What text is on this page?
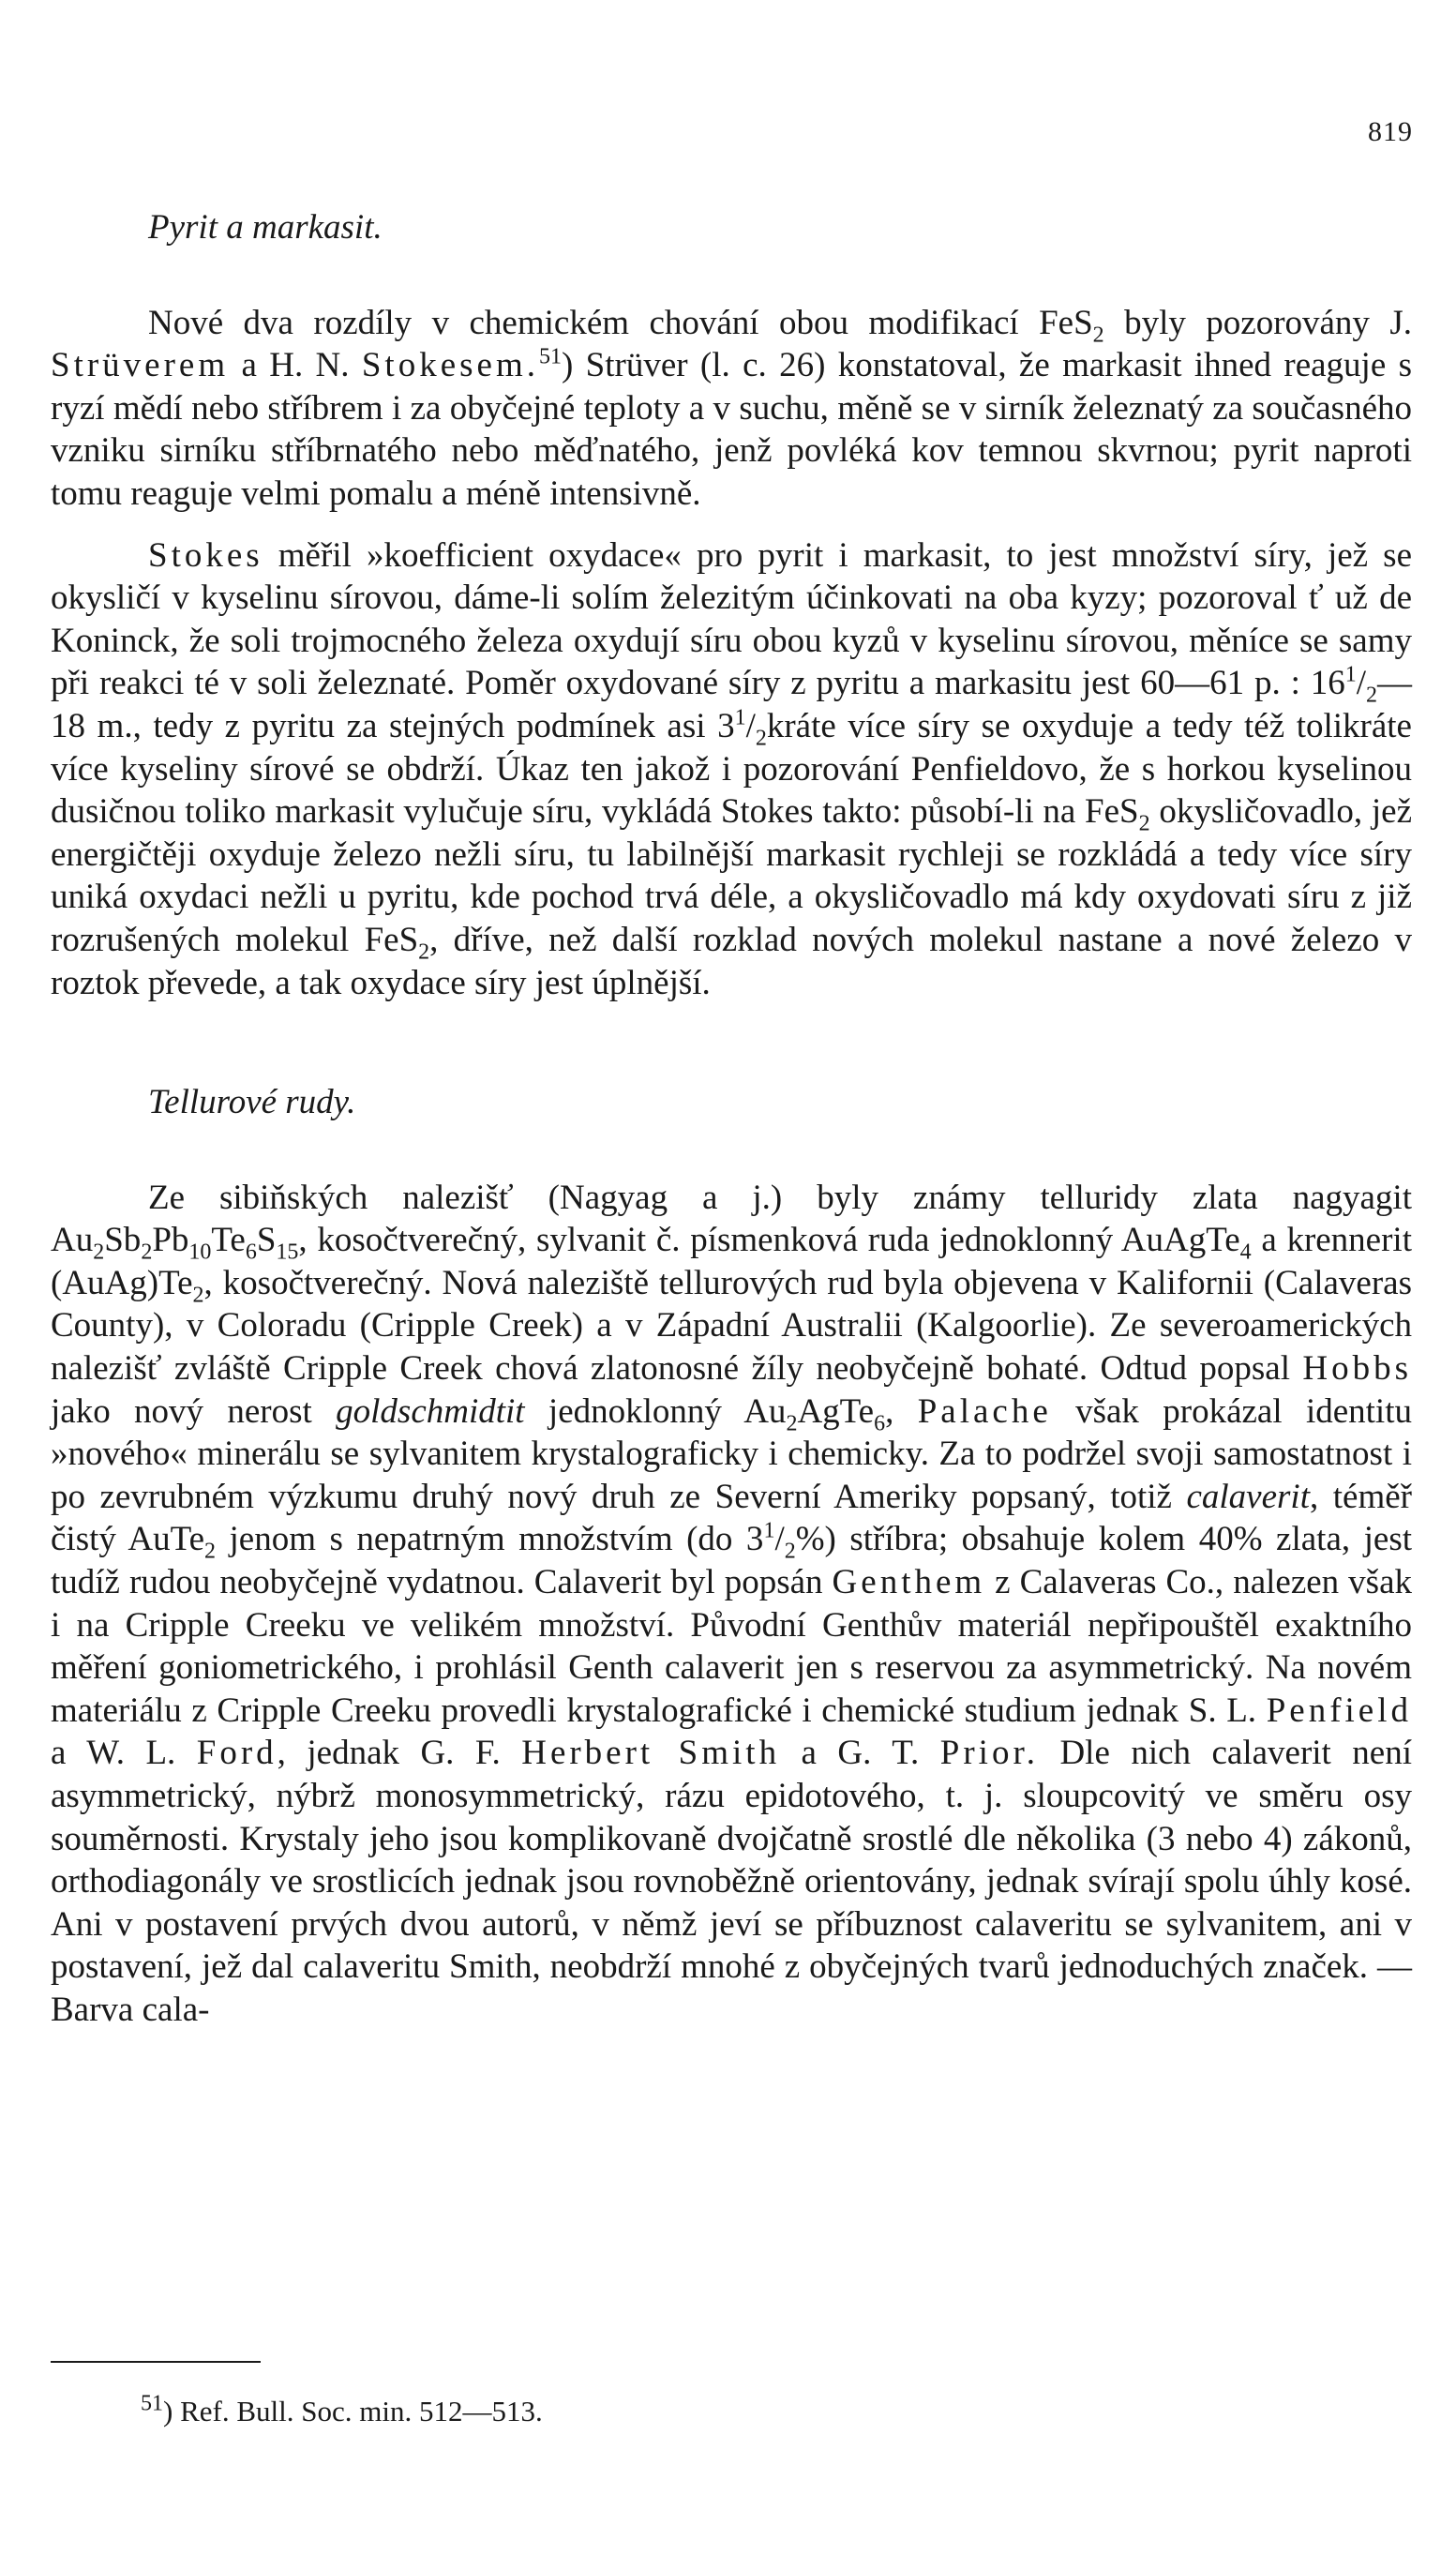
819
Pyrit a markasit.

Nové dva rozdíly v chemickém chování obou modifikací FeS$_2$ byly pozorovány J. Strüverem a H. N. Stokesem.$^{51}$) Strüver (l. c. 26) konstatoval, že markasit ihned reaguje s ryzí mědí nebo stříbrem i za obyčejné teploty a v suchu, měně se v sirník železnatý za současného vzniku sirníku stříbrnatého nebo měďnatého, jenž povléká kov temnou skvrnou; pyrit naproti tomu reaguje velmi pomalu a méně intensivně.

Stokes měřil »koefficient oxydace« pro pyrit i markasit, to jest množství síry, jež se okysličí v kyselinu sírovou, dáme-li solím železitým účinkovati na oba kyzy; pozoroval ť už de Koninck, že soli trojmocného železa oxydují síru obou kyzů v kyselinu sírovou, měníce se samy při reakci té v soli železnaté. Poměr oxydované síry z pyritu a markasitu jest 60—61 p. : $16^1/_2—18$ m., tedy z pyritu za stejných podmínek asi $3^1/_2kráte$ více síry se oxyduje a tedy též tolikráte více kyseliny sírové se obdrží. Úkaz ten jakož i pozorování Penfieldovo, že s horkou kyselinou dusičnou toliko markasit vylučuje síru, vykládá Stokes takto: působí-li na FeS$_2$ okysličovadlo, jež energičtěji oxyduje železo nežli síru, tu labilnější markasit rychleji se rozkládá a tedy více síry uniká oxydaci nežli u pyritu, kde pochod trvá déle, a okysličovadlo má kdy oxydovati síru z již rozrušených molekul FeS$_2$, dříve, než další rozklad nových molekul nastane a nové železo v roztok převede, a tak oxydace síry jest úplnější.

Tellurové rudy.

Ze sibiňských nalezišť (Nagyag a j.) byly známy telluridy zlata nagyagit $Au_2Sb_2Pb_{10}Te_6S_{15}$, kosočtverečný, sylvanit č. písmenková ruda jednoklonný AuAgTe$_4$ a krennerit $(AuAg)Te_2$, kosočtverečný. Nová naleziště tellurových rud byla objevena v Kalifornii (Calaveras County), v Coloradu (Cripple Creek) a v Západní Australii (Kalgoorlie). Ze severoamerických nalezišť zvláště Cripple Creek chová zlatonosné žíly neobyčejně bohaté. Odtud popsal Hobbs jako nový nerost goldschmidtit jednoklonný $Au_2AgTe_6$, Palache však prokázal identitu »nového« minerálu se sylvanitem krystalograficky i chemicky. Za to podržel svoji samostatnost i po zevrubném výzkumu druhý nový druh ze Severní Ameriky popsaný, totiž calaverit, téměř čistý AuTe$_2$ jenom s nepatrným množstvím (do $3^1/_2\%$) stříbra; obsahuje kolem 40% zlata, jest tudíž rudou neobyčejně vydatnou. Calaverit byl popsán Genthem z Calaveras Co., nalezen však i na Cripple Creeku ve velikém množství. Původní Genthův materiál nepřipouštěl exaktního měření goniometrického, i prohlásil Genth calaverit jen s reservou za asymmetrický. Na novém materiálu z Cripple Creeku provedli krystalografické i chemické studium jednak S. L. Penfield a W. L. Ford, jednak G. F. Herbert Smith a G. T. Prior. Dle nich calaverit není asymmetrický, nýbrž monosymmetrický, rázu epidotového, t. j. sloupcovitý ve směru osy souměrnosti. Krystaly jeho jsou komplikovaně dvojčatně srostlé dle několika (3 nebo 4) zákonů, orthodiagonály ve srostlicích jednak jsou rovnoběžně orientovány, jednak svírají spolu úhly kosé. Ani v postavení prvých dvou autorů, v němž jeví se příbuznost calaveritu se sylvanitem, ani v postavení, jež dal calaveritu Smith, neobdrží mnohé z obyčejných tvarů jednoduchých značek. — Barva cala-

$^{51}$) Ref. Bull. Soc. min. 512—513.
